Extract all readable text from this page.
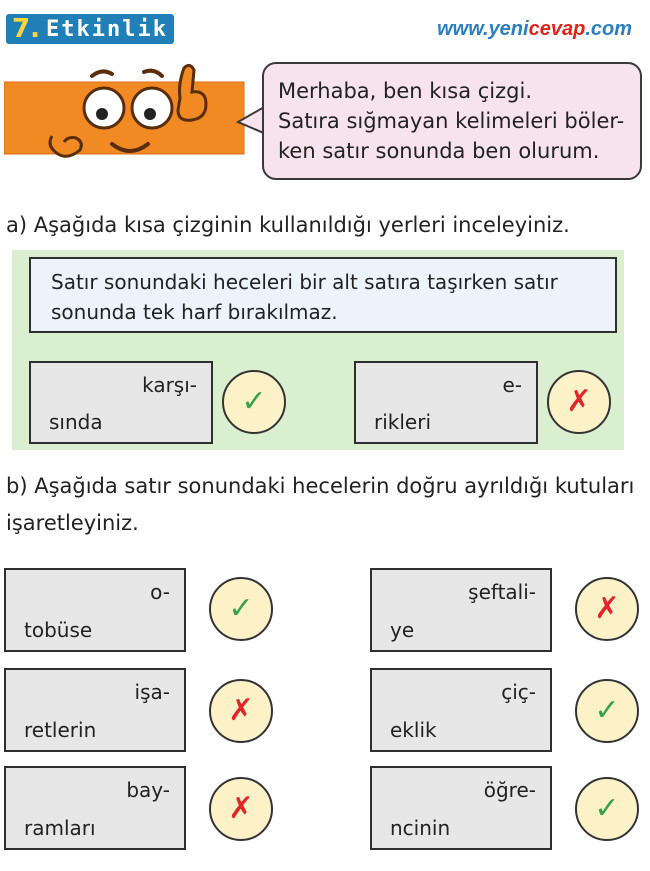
7. Etkinlik	www.yenicevap.com
Merhaba, ben kısa çizgi.
Satıra sığmayan kelimeleri böler-
ken satır sonunda ben olurum.
a) Aşağıda kısa çizginin kullanıldığı yerleri inceleyiniz.
Satır sonundaki heceleri bir alt satıra taşırken satır
sonunda tek harf bırakılmaz.
karşı-
sında
✓	e-
rikleri
✗
b) Aşağıda satır sonundaki hecelerin doğru ayrıldığı kutuları
işaretleyiniz.
o-
tobüse
✓
işa-
retlerin
✗
bay-
ramları
✗
şeftali-
ye
✗
çiç-
eklik
✓
öğre-
ncinin
✓
